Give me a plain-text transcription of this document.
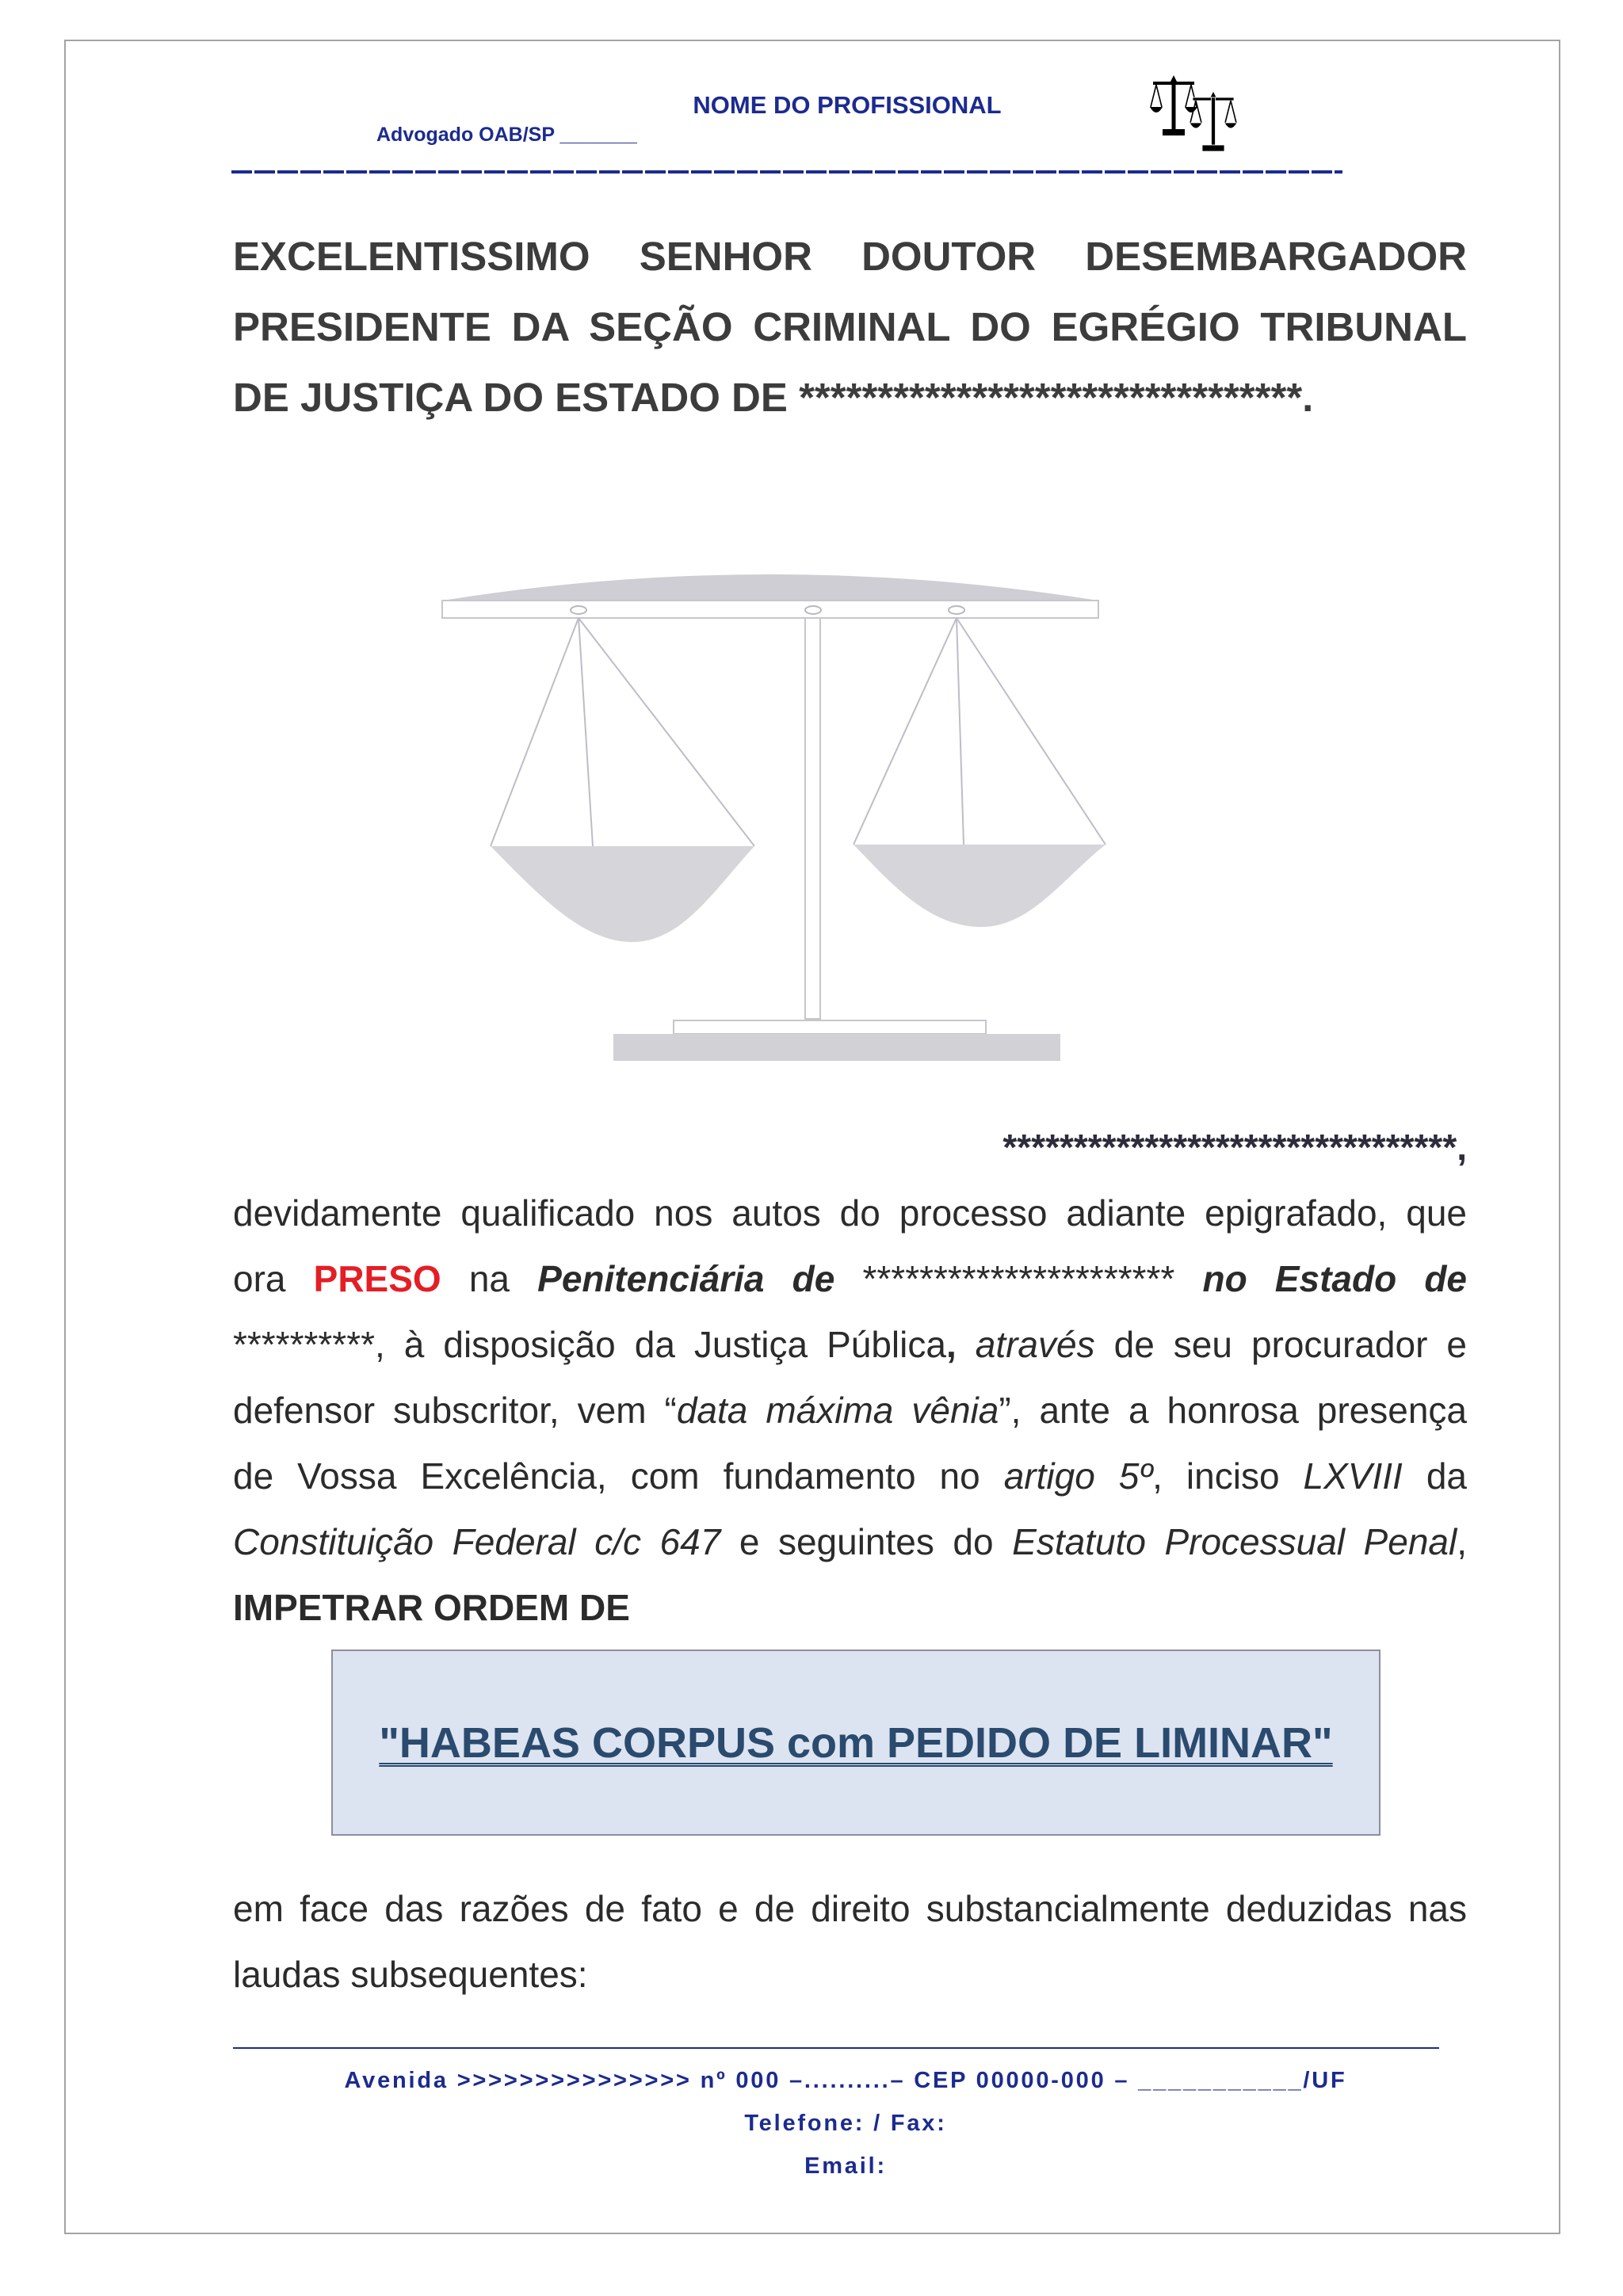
NOME DO PROFISSIONAL
Advogado OAB/SP _______
EXCELENTISSIMO SENHOR DOUTOR DESEMBARGADOR
PRESIDENTE DA SEÇÃO CRIMINAL DO EGRÉGIO TRIBUNAL
DE JUSTIÇA DO ESTADO DE ********************************.
********************************,
devidamente qualificado nos autos do processo adiante epigrafado, que
ora PRESO na Penitenciária de ********************** no Estado de
**********, à disposição da Justiça Pública, através de seu procurador e
defensor subscritor, vem “data máxima vênia”, ante a honrosa presença
de Vossa Excelência, com fundamento no artigo 5º, inciso LXVIII da
Constituição Federal c/c 647 e seguintes do Estatuto Processual Penal,
IMPETRAR ORDEM DE
"HABEAS CORPUS com PEDIDO DE LIMINAR"
em face das razões de fato e de direito substancialmente deduzidas nas
laudas subsequentes:
Avenida >>>>>>>>>>>>>>> nº 000 –..........– CEP 00000-000 – ___________/UF
Telefone: / Fax:
Email:
